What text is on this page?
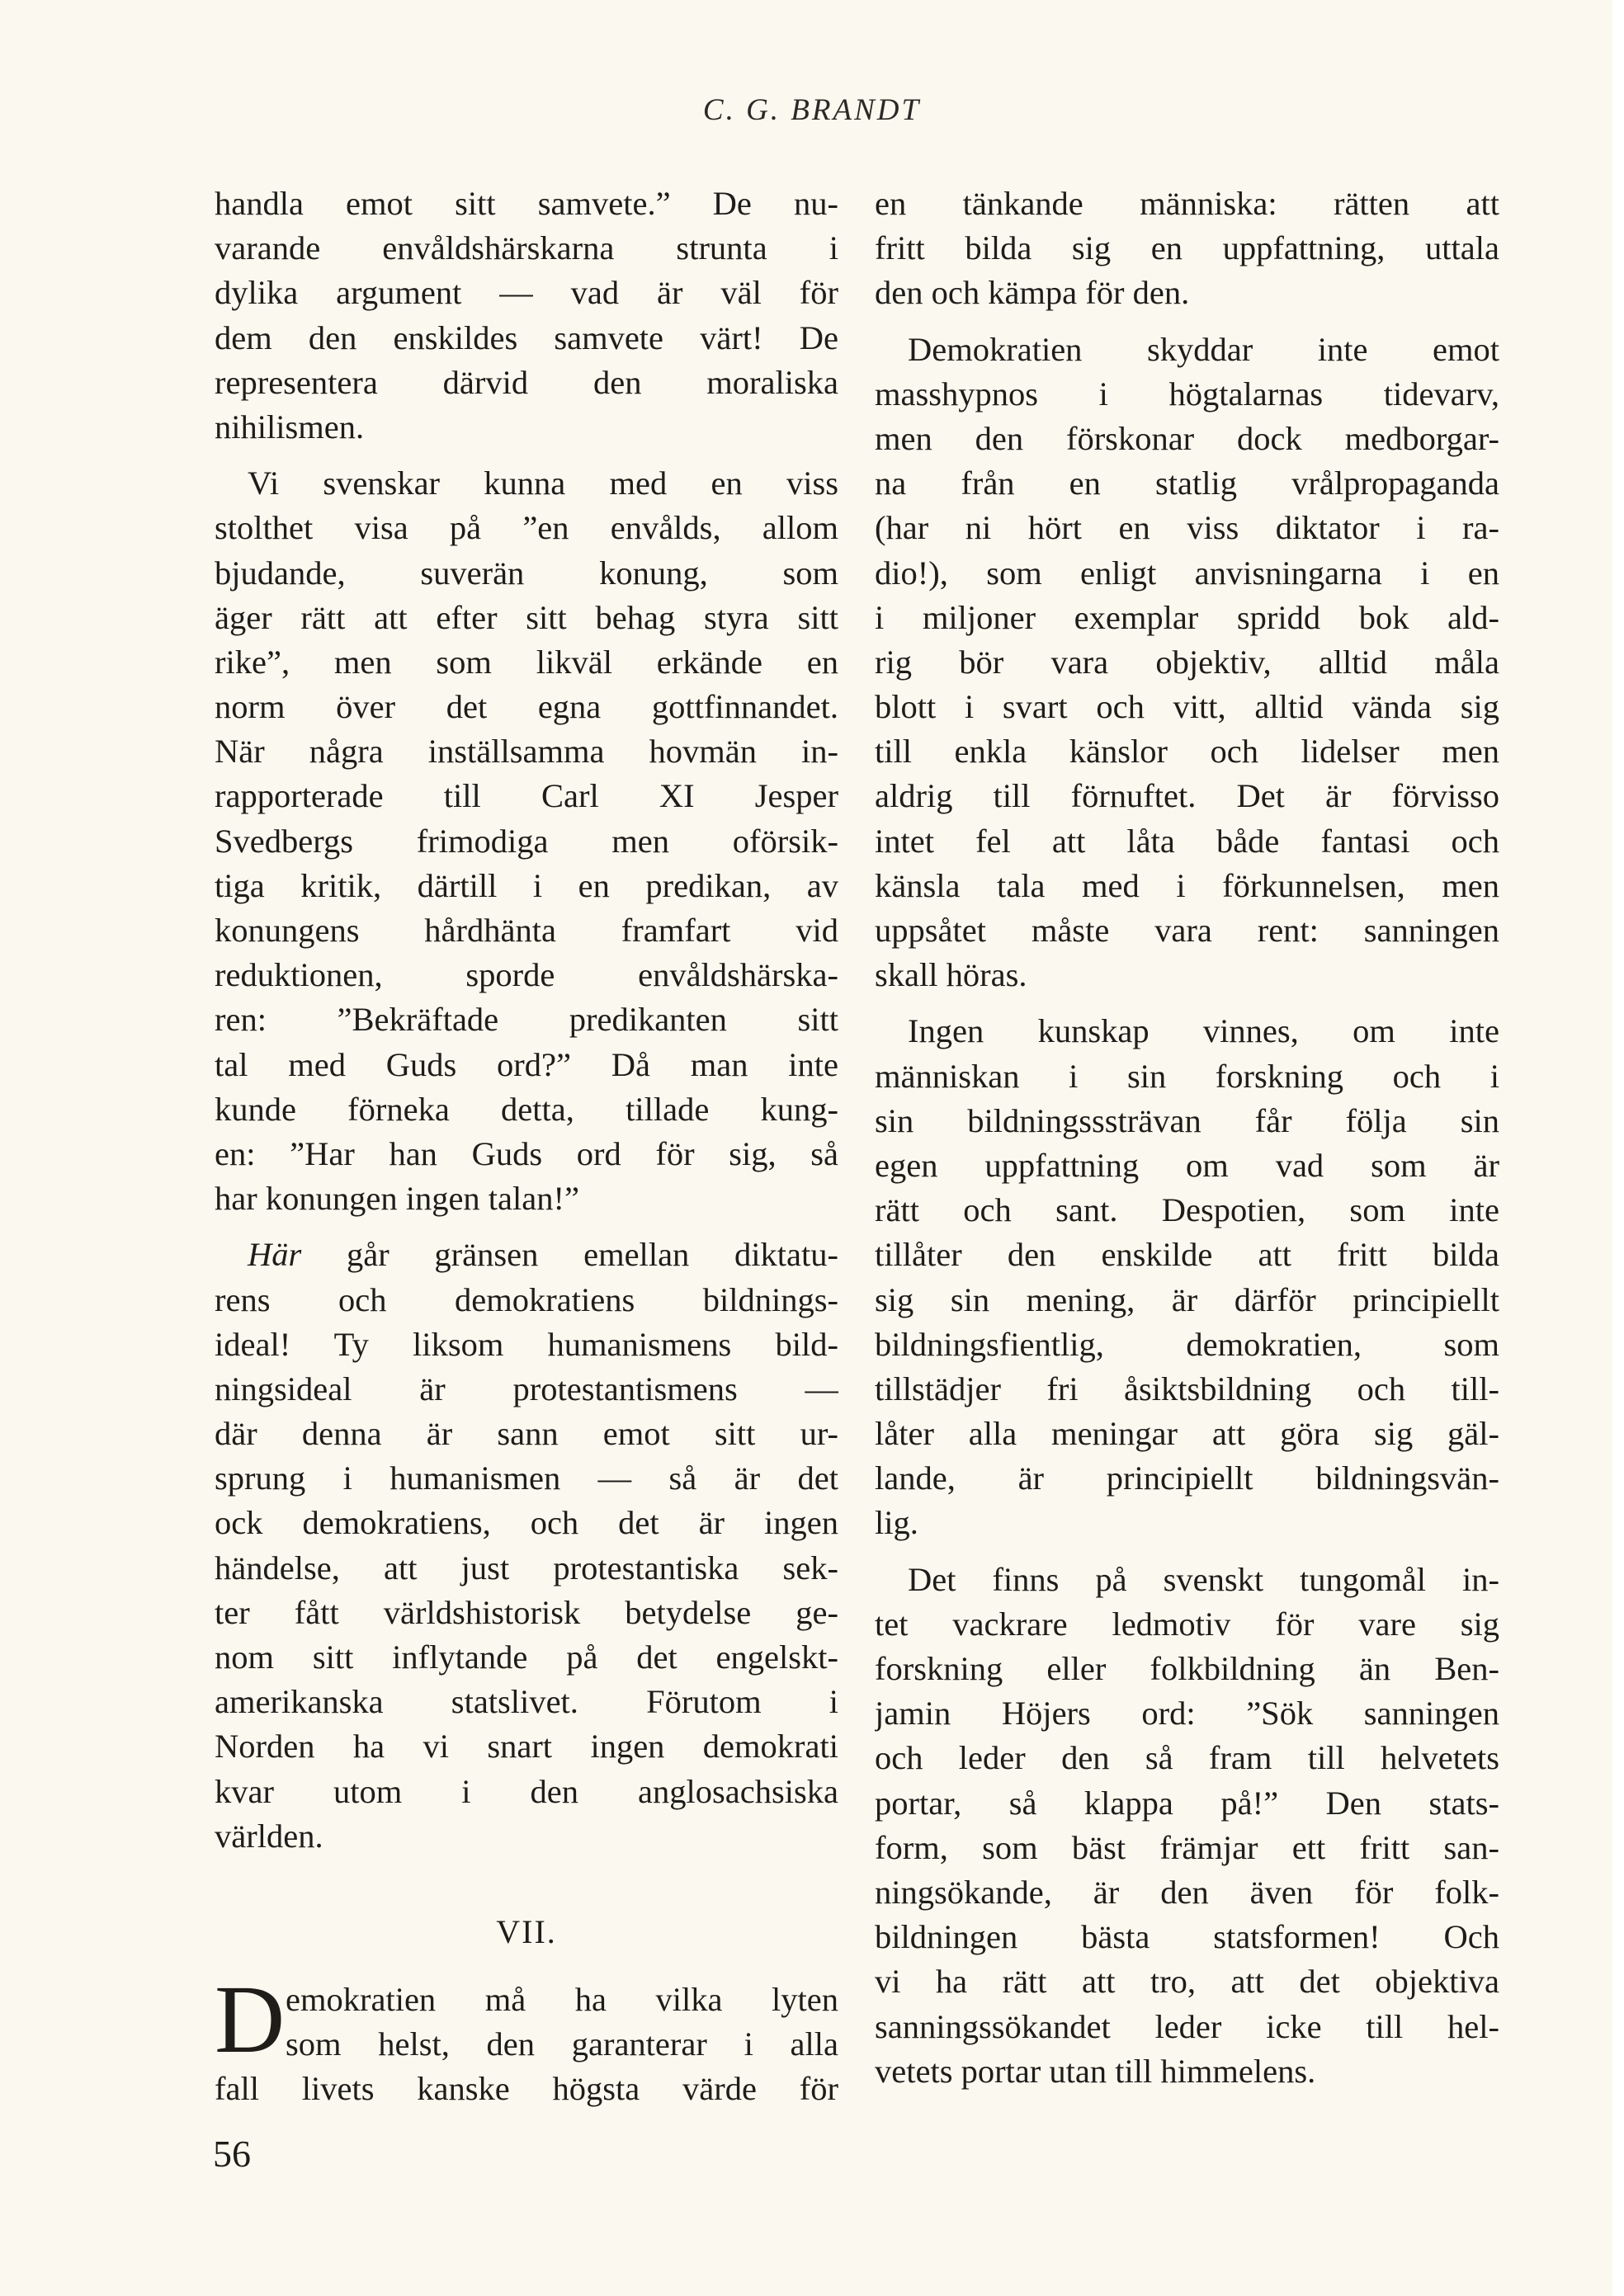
C. G. BRANDT
handla emot sitt samvete.” De nu-
varande envåldshärskarna strunta i
dylika argument — vad är väl för
dem den enskildes samvete värt! De
representera därvid den moraliska
nihilismen.
Vi svenskar kunna med en viss
stolthet visa på ”en envålds, allom
bjudande, suverän konung, som
äger rätt att efter sitt behag styra sitt
rike”, men som likväl erkände en
norm över det egna gottfinnandet.
När några inställsamma hovmän in-
rapporterade till Carl XI Jesper
Svedbergs frimodiga men oförsik-
tiga kritik, därtill i en predikan, av
konungens hårdhänta framfart vid
reduktionen, sporde envåldshärska-
ren: ”Bekräftade predikanten sitt
tal med Guds ord?” Då man inte
kunde förneka detta, tillade kung-
en: ”Har han Guds ord för sig, så
har konungen ingen talan!”
Här går gränsen emellan diktatu-
rens och demokratiens bildnings-
ideal! Ty liksom humanismens bild-
ningsideal är protestantismens —
där denna är sann emot sitt ur-
sprung i humanismen — så är det
ock demokratiens, och det är ingen
händelse, att just protestantiska sek-
ter fått världshistorisk betydelse ge-
nom sitt inflytande på det engelskt-
amerikanska statslivet. Förutom i
Norden ha vi snart ingen demokrati
kvar utom i den anglosachsiska
världen.
VII.
D emokratien må ha vilka lyten
som helst, den garanterar i alla
fall livets kanske högsta värde för
en tänkande människa: rätten att
fritt bilda sig en uppfattning, uttala
den och kämpa för den.
Demokratien skyddar inte emot
masshypnos i högtalarnas tidevarv,
men den förskonar dock medborgar-
na från en statlig vrålpropaganda
(har ni hört en viss diktator i ra-
dio!), som enligt anvisningarna i en
i miljoner exemplar spridd bok ald-
rig bör vara objektiv, alltid måla
blott i svart och vitt, alltid vända sig
till enkla känslor och lidelser men
aldrig till förnuftet. Det är förvisso
intet fel att låta både fantasi och
känsla tala med i förkunnelsen, men
uppsåtet måste vara rent: sanningen
skall höras.
Ingen kunskap vinnes, om inte
människan i sin forskning och i
sin bildningsssträvan får följa sin
egen uppfattning om vad som är
rätt och sant. Despotien, som inte
tillåter den enskilde att fritt bilda
sig sin mening, är därför principiellt
bildningsfientlig, demokratien, som
tillstädjer fri åsiktsbildning och till-
låter alla meningar att göra sig gäl-
lande, är principiellt bildningsvän-
lig.
Det finns på svenskt tungomål in-
tet vackrare ledmotiv för vare sig
forskning eller folkbildning än Ben-
jamin Höjers ord: ”Sök sanningen
och leder den så fram till helvetets
portar, så klappa på!” Den stats-
form, som bäst främjar ett fritt san-
ningsökande, är den även för folk-
bildningen bästa statsformen! Och
vi ha rätt att tro, att det objektiva
sanningssökandet leder icke till hel-
vetets portar utan till himmelens.
56
